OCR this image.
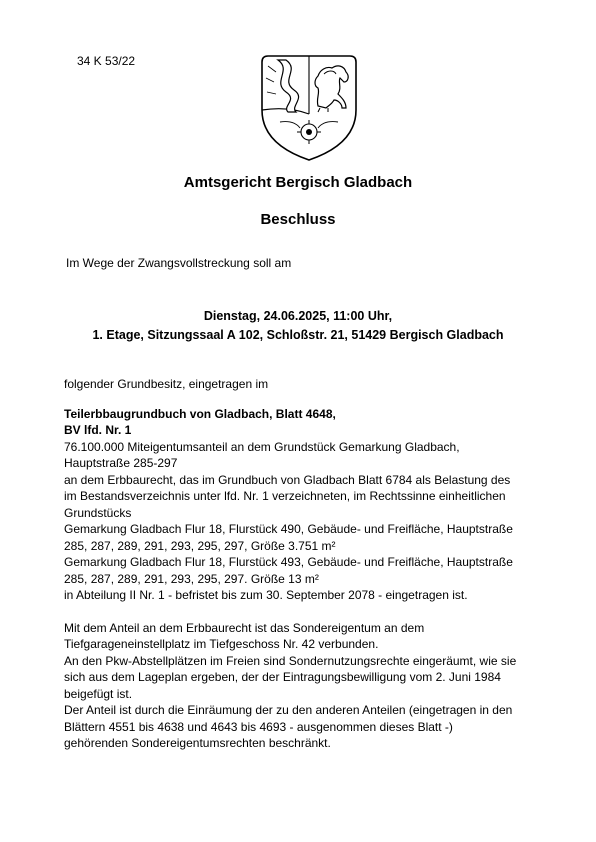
34 K 53/22
Amtsgericht Bergisch Gladbach
Beschluss
Im Wege der Zwangsvollstreckung soll am
Dienstag, 24.06.2025, 11:00 Uhr,
1. Etage, Sitzungssaal A 102, Schloßstr. 21, 51429 Bergisch Gladbach
folgender Grundbesitz, eingetragen im
Teilerbbaugrundbuch von Gladbach, Blatt 4648,
BV lfd. Nr. 1
76.100.000 Miteigentumsanteil an dem Grundstück Gemarkung Gladbach,
Hauptstraße 285-297
an dem Erbbaurecht, das im Grundbuch von Gladbach Blatt 6784 als Belastung des
im Bestandsverzeichnis unter lfd. Nr. 1 verzeichneten, im Rechtssinne einheitlichen
Grundstücks
Gemarkung Gladbach Flur 18, Flurstück 490, Gebäude- und Freifläche, Hauptstraße
285, 287, 289, 291, 293, 295, 297, Größe 3.751 m²
Gemarkung Gladbach Flur 18, Flurstück 493, Gebäude- und Freifläche, Hauptstraße
285, 287, 289, 291, 293, 295, 297. Größe 13 m²
in Abteilung II Nr. 1 - befristet bis zum 30. September 2078 - eingetragen ist.
Mit dem Anteil an dem Erbbaurecht ist das Sondereigentum an dem
Tiefgarageneinstellplatz im Tiefgeschoss Nr. 42 verbunden.
An den Pkw-Abstellplätzen im Freien sind Sondernutzungsrechte eingeräumt, wie sie
sich aus dem Lageplan ergeben, der der Eintragungsbewilligung vom 2. Juni 1984
beigefügt ist.
Der Anteil ist durch die Einräumung der zu den anderen Anteilen (eingetragen in den
Blättern 4551 bis 4638 und 4643 bis 4693 - ausgenommen dieses Blatt -)
gehörenden Sondereigentumsrechten beschränkt.
